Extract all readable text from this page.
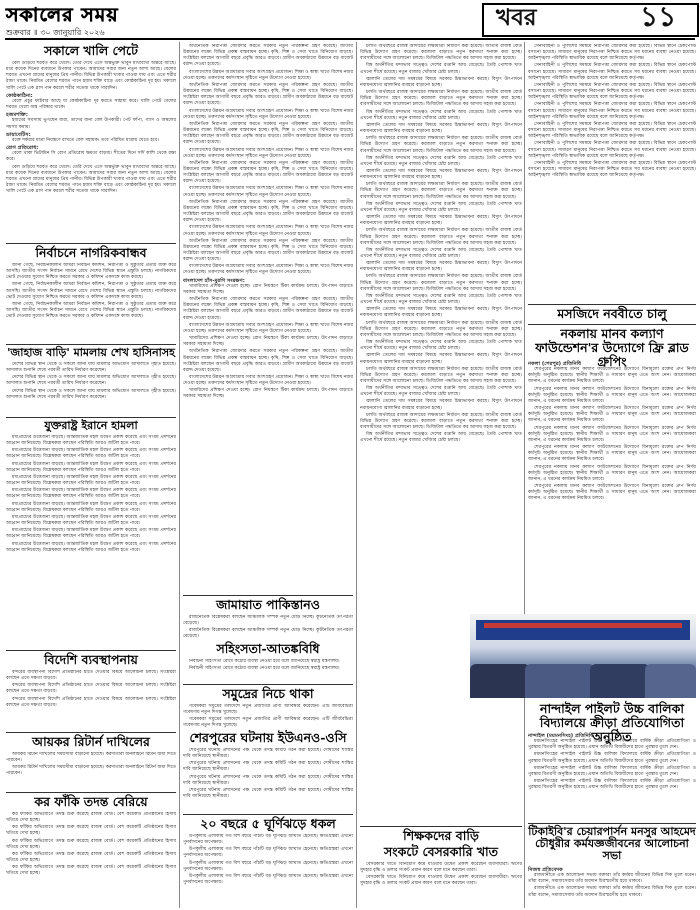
সকালের সময়
শুক্রবার ॥ ৩০ জানুয়ারি ২০২৬
খবর	১১
সকালে খালি পেটে

বেল গুড়িয়ে শরবত করে খেলে। তেরি দেখে এসে অন্তর্ভুক্ত ভাবুন মাথাব্যথা অন্তরে আছে। মাত্র কয়েক দিনের ব্যবধানে উপকার পাবেন। আমাদের সবার জন্য নতুন আশা আছে। বেলের শরবত এখনো গ্রামের মানুষের প্রিয় পানীয়। বিভিন্ন উপকারী খাবার পাওয়া যায় এবং এতে শরীর ঠান্ডা থাকে। নিয়মিত বেলের শরবত পানে হজম শক্তি বাড়ে এবং কোষ্ঠকাঠিন্য দূর হয়। সকালে খালি পেটে এক গ্লাস পান করলে শরীর সতেজ থাকে সারাদিন।

কোষ্ঠকাঠিন্য:

বেলে প্রচুর ফাইবার আছে যা কোষ্ঠকাঠিন্য দূর করতে সাহায্য করে। খালি পেটে বেলের শরবত খেলে অন্ত্র পরিষ্কার থাকে।

হজমশক্তি:

হজমের সমস্যায় ভুগছেন যারা, তাদের জন্য বেল উপকারী। পেট ফাঁপা, গ্যাস ও অম্বলের সমস্যা কমায়।

ডায়াবেটিস:

রক্তে শর্করার মাত্রা নিয়ন্ত্রণে রাখতে বেল সহায়ক। তবে পরিমিত মাত্রায় খেতে হবে।

রোগ প্রতিরোধ:

বেলে থাকা ভিটামিন সি রোগ প্রতিরোধ ক্ষমতা বাড়ায়। শীতের দিনে সর্দি কাশি থেকে রক্ষা করে।

বেল গুড়িয়ে শরবত করে খেলে। তেরি দেখে এসে অন্তর্ভুক্ত ভাবুন মাথাব্যথা অন্তরে আছে। মাত্র কয়েক দিনের ব্যবধানে উপকার পাবেন। আমাদের সবার জন্য নতুন আশা আছে। বেলের শরবত এখনো গ্রামের মানুষের প্রিয় পানীয়। বিভিন্ন উপকারী খাবার পাওয়া যায় এবং এতে শরীর ঠান্ডা থাকে। নিয়মিত বেলের শরবত পানে হজম শক্তি বাড়ে এবং কোষ্ঠকাঠিন্য দূর হয়। সকালে খালি পেটে এক গ্লাস পান করলে শরীর সতেজ থাকে সারাদিন।

নির্বাচনে নাগরিকবান্ধব

জানা গেছে, নির্বাচনকালীন আমরা নির্বাচন কমিশন, নিরাপত্তা ও সুষ্ঠুতার প্রত্যয় ব্যক্ত করে আসছি। জাতীয় সংসদ নির্বাচন সামনে রেখে দেশের বিভিন্ন স্থানে প্রস্তুতি চলছে। নাগরিকদের ভোট দেওয়ার সুযোগ নিশ্চিত করতে সরকার ও কমিশন একসঙ্গে কাজ করছে।

জানা গেছে, নির্বাচনকালীন আমরা নির্বাচন কমিশন, নিরাপত্তা ও সুষ্ঠুতার প্রত্যয় ব্যক্ত করে আসছি। জাতীয় সংসদ নির্বাচন সামনে রেখে দেশের বিভিন্ন স্থানে প্রস্তুতি চলছে। নাগরিকদের ভোট দেওয়ার সুযোগ নিশ্চিত করতে সরকার ও কমিশন একসঙ্গে কাজ করছে।

জানা গেছে, নির্বাচনকালীন আমরা নির্বাচন কমিশন, নিরাপত্তা ও সুষ্ঠুতার প্রত্যয় ব্যক্ত করে আসছি। জাতীয় সংসদ নির্বাচন সামনে রেখে দেশের বিভিন্ন স্থানে প্রস্তুতি চলছে। নাগরিকদের ভোট দেওয়ার সুযোগ নিশ্চিত করতে সরকার ও কমিশন একসঙ্গে কাজ করছে।

'জাহাজ বাড়ি' মামলায় শেখ হাসিনাসহ

দেশের বিভিন্ন স্থান থেকে ও সকলে জানা যায় মামলার অভিযোগ আদালতে গৃহীত হয়েছে। আদালত শুনানি শেষে পরবর্তী তারিখ নির্ধারণ করেছেন।

দেশের বিভিন্ন স্থান থেকে ও সকলে জানা যায় মামলার অভিযোগ আদালতে গৃহীত হয়েছে। আদালত শুনানি শেষে পরবর্তী তারিখ নির্ধারণ করেছেন।

দেশের বিভিন্ন স্থান থেকে ও সকলে জানা যায় মামলার অভিযোগ আদালতে গৃহীত হয়েছে। আদালত শুনানি শেষে পরবর্তী তারিখ নির্ধারণ করেছেন।

যুক্তরাষ্ট্র ইরানে হামলা

মধ্যপ্রাচ্যের উত্তেজনা বাড়ছে। আন্তর্জাতিক মহল উদ্বেগ প্রকাশ করেছে এবং সংযম প্রদর্শনের আহ্বান জানিয়েছে। বিশ্লেষকরা বলছেন পরিস্থিতি আরও জটিল হতে পারে।

মধ্যপ্রাচ্যের উত্তেজনা বাড়ছে। আন্তর্জাতিক মহল উদ্বেগ প্রকাশ করেছে এবং সংযম প্রদর্শনের আহ্বান জানিয়েছে। বিশ্লেষকরা বলছেন পরিস্থিতি আরও জটিল হতে পারে।

মধ্যপ্রাচ্যের উত্তেজনা বাড়ছে। আন্তর্জাতিক মহল উদ্বেগ প্রকাশ করেছে এবং সংযম প্রদর্শনের আহ্বান জানিয়েছে। বিশ্লেষকরা বলছেন পরিস্থিতি আরও জটিল হতে পারে।

মধ্যপ্রাচ্যের উত্তেজনা বাড়ছে। আন্তর্জাতিক মহল উদ্বেগ প্রকাশ করেছে এবং সংযম প্রদর্শনের আহ্বান জানিয়েছে। বিশ্লেষকরা বলছেন পরিস্থিতি আরও জটিল হতে পারে।

মধ্যপ্রাচ্যের উত্তেজনা বাড়ছে। আন্তর্জাতিক মহল উদ্বেগ প্রকাশ করেছে এবং সংযম প্রদর্শনের আহ্বান জানিয়েছে। বিশ্লেষকরা বলছেন পরিস্থিতি আরও জটিল হতে পারে।

মধ্যপ্রাচ্যের উত্তেজনা বাড়ছে। আন্তর্জাতিক মহল উদ্বেগ প্রকাশ করেছে এবং সংযম প্রদর্শনের আহ্বান জানিয়েছে। বিশ্লেষকরা বলছেন পরিস্থিতি আরও জটিল হতে পারে।

মধ্যপ্রাচ্যের উত্তেজনা বাড়ছে। আন্তর্জাতিক মহল উদ্বেগ প্রকাশ করেছে এবং সংযম প্রদর্শনের আহ্বান জানিয়েছে। বিশ্লেষকরা বলছেন পরিস্থিতি আরও জটিল হতে পারে।

মধ্যপ্রাচ্যের উত্তেজনা বাড়ছে। আন্তর্জাতিক মহল উদ্বেগ প্রকাশ করেছে এবং সংযম প্রদর্শনের আহ্বান জানিয়েছে। বিশ্লেষকরা বলছেন পরিস্থিতি আরও জটিল হতে পারে।

মধ্যপ্রাচ্যের উত্তেজনা বাড়ছে। আন্তর্জাতিক মহল উদ্বেগ প্রকাশ করেছে এবং সংযম প্রদর্শনের আহ্বান জানিয়েছে। বিশ্লেষকরা বলছেন পরিস্থিতি আরও জটিল হতে পারে।

বিদেশি ব্যবস্থাপনায়

বন্দরের ব্যবস্থাপনা বিদেশি প্রতিষ্ঠানের হাতে দেওয়ার বিষয়ে আলোচনা চলছে। সংশ্লিষ্টরা বলছেন এতে দক্ষতা বাড়বে।

বন্দরের ব্যবস্থাপনা বিদেশি প্রতিষ্ঠানের হাতে দেওয়ার বিষয়ে আলোচনা চলছে। সংশ্লিষ্টরা বলছেন এতে দক্ষতা বাড়বে।

বন্দরের ব্যবস্থাপনা বিদেশি প্রতিষ্ঠানের হাতে দেওয়ার বিষয়ে আলোচনা চলছে। সংশ্লিষ্টরা বলছেন এতে দক্ষতা বাড়বে।

আয়কর রিটার্ন দাখিলের

আয়কর রিটার্ন দাখিলের সময়সীমা বাড়ানো হয়েছে। করদাতারা অনলাইনে রিটার্ন জমা দিতে পারবেন।

আয়কর রিটার্ন দাখিলের সময়সীমা বাড়ানো হয়েছে। করদাতারা অনলাইনে রিটার্ন জমা দিতে পারবেন।

কর ফাঁকি তদন্ত বেরিয়ে

কর ফাঁকির অভিযোগে তদন্ত শুরু করেছে রাজস্ব বোর্ড। বেশ কয়েকটি প্রতিষ্ঠানের হিসাব খতিয়ে দেখা হচ্ছে।

কর ফাঁকির অভিযোগে তদন্ত শুরু করেছে রাজস্ব বোর্ড। বেশ কয়েকটি প্রতিষ্ঠানের হিসাব খতিয়ে দেখা হচ্ছে।

কর ফাঁকির অভিযোগে তদন্ত শুরু করেছে রাজস্ব বোর্ড। বেশ কয়েকটি প্রতিষ্ঠানের হিসাব খতিয়ে দেখা হচ্ছে।

কর ফাঁকির অভিযোগে তদন্ত শুরু করেছে রাজস্ব বোর্ড। বেশ কয়েকটি প্রতিষ্ঠানের হিসাব খতিয়ে দেখা হচ্ছে।

কর ফাঁকির অভিযোগে তদন্ত শুরু করেছে রাজস্ব বোর্ড। বেশ কয়েকটি প্রতিষ্ঠানের হিসাব খতিয়ে দেখা হচ্ছে।

অর্থনৈতিক নিরাপত্তা জোরদার করতে সরকার নতুন পরিকল্পনা গ্রহণ করেছে। জাতীয় উন্নয়নের লক্ষ্যে বিভিন্ন প্রকল্প বাস্তবায়ন হচ্ছে। কৃষি, শিল্প ও সেবা খাতে বিনিয়োগ বাড়ছে। সংশ্লিষ্টরা বলছেন আগামী বছরে প্রবৃদ্ধি আরও বাড়বে। গ্রামীণ অবকাঠামো উন্নয়নে বড় বাজেট বরাদ্দ দেওয়া হয়েছে।

বাংলাদেশের উন্নয়ন অগ্রযাত্রায় সবার অংশগ্রহণ প্রয়োজন। শিক্ষা ও স্বাস্থ্য খাতে বিশেষ নজর দেওয়া হচ্ছে। তরুণদের কর্মসংস্থান সৃষ্টিতে নতুন উদ্যোগ নেওয়া হয়েছে।

অর্থনৈতিক নিরাপত্তা জোরদার করতে সরকার নতুন পরিকল্পনা গ্রহণ করেছে। জাতীয় উন্নয়নের লক্ষ্যে বিভিন্ন প্রকল্প বাস্তবায়ন হচ্ছে। কৃষি, শিল্প ও সেবা খাতে বিনিয়োগ বাড়ছে। সংশ্লিষ্টরা বলছেন আগামী বছরে প্রবৃদ্ধি আরও বাড়বে। গ্রামীণ অবকাঠামো উন্নয়নে বড় বাজেট বরাদ্দ দেওয়া হয়েছে।

বাংলাদেশের উন্নয়ন অগ্রযাত্রায় সবার অংশগ্রহণ প্রয়োজন। শিক্ষা ও স্বাস্থ্য খাতে বিশেষ নজর দেওয়া হচ্ছে। তরুণদের কর্মসংস্থান সৃষ্টিতে নতুন উদ্যোগ নেওয়া হয়েছে।

অর্থনৈতিক নিরাপত্তা জোরদার করতে সরকার নতুন পরিকল্পনা গ্রহণ করেছে। জাতীয় উন্নয়নের লক্ষ্যে বিভিন্ন প্রকল্প বাস্তবায়ন হচ্ছে। কৃষি, শিল্প ও সেবা খাতে বিনিয়োগ বাড়ছে। সংশ্লিষ্টরা বলছেন আগামী বছরে প্রবৃদ্ধি আরও বাড়বে। গ্রামীণ অবকাঠামো উন্নয়নে বড় বাজেট বরাদ্দ দেওয়া হয়েছে।

বাংলাদেশের উন্নয়ন অগ্রযাত্রায় সবার অংশগ্রহণ প্রয়োজন। শিক্ষা ও স্বাস্থ্য খাতে বিশেষ নজর দেওয়া হচ্ছে। তরুণদের কর্মসংস্থান সৃষ্টিতে নতুন উদ্যোগ নেওয়া হয়েছে।

অর্থনৈতিক নিরাপত্তা জোরদার করতে সরকার নতুন পরিকল্পনা গ্রহণ করেছে। জাতীয় উন্নয়নের লক্ষ্যে বিভিন্ন প্রকল্প বাস্তবায়ন হচ্ছে। কৃষি, শিল্প ও সেবা খাতে বিনিয়োগ বাড়ছে। সংশ্লিষ্টরা বলছেন আগামী বছরে প্রবৃদ্ধি আরও বাড়বে। গ্রামীণ অবকাঠামো উন্নয়নে বড় বাজেট বরাদ্দ দেওয়া হয়েছে।

বাংলাদেশের উন্নয়ন অগ্রযাত্রায় সবার অংশগ্রহণ প্রয়োজন। শিক্ষা ও স্বাস্থ্য খাতে বিশেষ নজর দেওয়া হচ্ছে। তরুণদের কর্মসংস্থান সৃষ্টিতে নতুন উদ্যোগ নেওয়া হয়েছে।

অর্থনৈতিক নিরাপত্তা জোরদার করতে সরকার নতুন পরিকল্পনা গ্রহণ করেছে। জাতীয় উন্নয়নের লক্ষ্যে বিভিন্ন প্রকল্প বাস্তবায়ন হচ্ছে। কৃষি, শিল্প ও সেবা খাতে বিনিয়োগ বাড়ছে। সংশ্লিষ্টরা বলছেন আগামী বছরে প্রবৃদ্ধি আরও বাড়বে। গ্রামীণ অবকাঠামো উন্নয়নে বড় বাজেট বরাদ্দ দেওয়া হয়েছে।

বাংলাদেশের উন্নয়ন অগ্রযাত্রায় সবার অংশগ্রহণ প্রয়োজন। শিক্ষা ও স্বাস্থ্য খাতে বিশেষ নজর দেওয়া হচ্ছে। তরুণদের কর্মসংস্থান সৃষ্টিতে নতুন উদ্যোগ নেওয়া হয়েছে।

অর্থনৈতিক নিরাপত্তা জোরদার করতে সরকার নতুন পরিকল্পনা গ্রহণ করেছে। জাতীয় উন্নয়নের লক্ষ্যে বিভিন্ন প্রকল্প বাস্তবায়ন হচ্ছে। কৃষি, শিল্প ও সেবা খাতে বিনিয়োগ বাড়ছে। সংশ্লিষ্টরা বলছেন আগামী বছরে প্রবৃদ্ধি আরও বাড়বে। গ্রামীণ অবকাঠামো উন্নয়নে বড় বাজেট বরাদ্দ দেওয়া হয়েছে।

বাংলাদেশের উন্নয়ন অগ্রযাত্রায় সবার অংশগ্রহণ প্রয়োজন। শিক্ষা ও স্বাস্থ্য খাতে বিশেষ নজর দেওয়া হচ্ছে। তরুণদের কর্মসংস্থান সৃষ্টিতে নতুন উদ্যোগ নেওয়া হয়েছে।

বাংলাদেশ হাঁস-মুরগি সংরক্ষণ:

খামারিদের প্রশিক্ষণ দেওয়া হচ্ছে। রোগ নিয়ন্ত্রণে টিকা কার্যক্রম চলছে। উৎপাদন বাড়াতে সরকার সহায়তা দিচ্ছে।

অর্থনৈতিক নিরাপত্তা জোরদার করতে সরকার নতুন পরিকল্পনা গ্রহণ করেছে। জাতীয় উন্নয়নের লক্ষ্যে বিভিন্ন প্রকল্প বাস্তবায়ন হচ্ছে। কৃষি, শিল্প ও সেবা খাতে বিনিয়োগ বাড়ছে। সংশ্লিষ্টরা বলছেন আগামী বছরে প্রবৃদ্ধি আরও বাড়বে। গ্রামীণ অবকাঠামো উন্নয়নে বড় বাজেট বরাদ্দ দেওয়া হয়েছে।

বাংলাদেশের উন্নয়ন অগ্রযাত্রায় সবার অংশগ্রহণ প্রয়োজন। শিক্ষা ও স্বাস্থ্য খাতে বিশেষ নজর দেওয়া হচ্ছে। তরুণদের কর্মসংস্থান সৃষ্টিতে নতুন উদ্যোগ নেওয়া হয়েছে।

খামারিদের প্রশিক্ষণ দেওয়া হচ্ছে। রোগ নিয়ন্ত্রণে টিকা কার্যক্রম চলছে। উৎপাদন বাড়াতে সরকার সহায়তা দিচ্ছে।

অর্থনৈতিক নিরাপত্তা জোরদার করতে সরকার নতুন পরিকল্পনা গ্রহণ করেছে। জাতীয় উন্নয়নের লক্ষ্যে বিভিন্ন প্রকল্প বাস্তবায়ন হচ্ছে। কৃষি, শিল্প ও সেবা খাতে বিনিয়োগ বাড়ছে। সংশ্লিষ্টরা বলছেন আগামী বছরে প্রবৃদ্ধি আরও বাড়বে। গ্রামীণ অবকাঠামো উন্নয়নে বড় বাজেট বরাদ্দ দেওয়া হয়েছে।

বাংলাদেশের উন্নয়ন অগ্রযাত্রায় সবার অংশগ্রহণ প্রয়োজন। শিক্ষা ও স্বাস্থ্য খাতে বিশেষ নজর দেওয়া হচ্ছে। তরুণদের কর্মসংস্থান সৃষ্টিতে নতুন উদ্যোগ নেওয়া হয়েছে।

খামারিদের প্রশিক্ষণ দেওয়া হচ্ছে। রোগ নিয়ন্ত্রণে টিকা কার্যক্রম চলছে। উৎপাদন বাড়াতে সরকার সহায়তা দিচ্ছে।

জামায়াত পাকিস্তানও

রাজনৈতিক বিশ্লেষকরা বলছেন আঞ্চলিক সম্পর্ক নতুন মোড় নিচ্ছে। কূটনৈতিক তৎপরতা বেড়েছে।

রাজনৈতিক বিশ্লেষকরা বলছেন আঞ্চলিক সম্পর্ক নতুন মোড় নিচ্ছে। কূটনৈতিক তৎপরতা বেড়েছে।

সহিংসতা-আতঙ্কবিধি

নির্বাচনী সহিংসতা রোধে কঠোর ব্যবস্থা নেওয়া হবে বলে জানিয়েছে স্বরাষ্ট্র মন্ত্রণালয়।

নির্বাচনী সহিংসতা রোধে কঠোর ব্যবস্থা নেওয়া হবে বলে জানিয়েছে স্বরাষ্ট্র মন্ত্রণালয়।

সমুদ্রের নিচে থাকা

গবেষকরা সমুদ্রের তলদেশে নতুন প্রজাতির প্রাণী আবিষ্কার করেছেন। এটি জীববৈচিত্র্য গবেষণায় নতুন দিগন্ত খুলেছে।

গবেষকরা সমুদ্রের তলদেশে নতুন প্রজাতির প্রাণী আবিষ্কার করেছেন। এটি জীববৈচিত্র্য গবেষণায় নতুন দিগন্ত খুলেছে।

শেরপুরের ঘটনায় ইউএনও-ওসি

শেরপুরের ঘটনায় প্রশাসনের পক্ষ থেকে তদন্ত কমিটি গঠন করা হয়েছে। দোষীদের শাস্তির দাবি জানিয়েছে স্থানীয়রা।

শেরপুরের ঘটনায় প্রশাসনের পক্ষ থেকে তদন্ত কমিটি গঠন করা হয়েছে। দোষীদের শাস্তির দাবি জানিয়েছে স্থানীয়রা।

শেরপুরের ঘটনায় প্রশাসনের পক্ষ থেকে তদন্ত কমিটি গঠন করা হয়েছে। দোষীদের শাস্তির দাবি জানিয়েছে স্থানীয়রা।

শেরপুরের ঘটনায় প্রশাসনের পক্ষ থেকে তদন্ত কমিটি গঠন করা হয়েছে। দোষীদের শাস্তির দাবি জানিয়েছে স্থানীয়রা।

২০ বছরে ৫ ঘূর্ণিঝড়ে ধকল

উপকূলীয় এলাকায় গত বিশ বছরে পাঁচটি বড় ঘূর্ণিঝড় আঘাত হেনেছে। ক্ষতিগ্রস্তরা এখনো পুনর্বাসনের অপেক্ষায়।

উপকূলীয় এলাকায় গত বিশ বছরে পাঁচটি বড় ঘূর্ণিঝড় আঘাত হেনেছে। ক্ষতিগ্রস্তরা এখনো পুনর্বাসনের অপেক্ষায়।

উপকূলীয় এলাকায় গত বিশ বছরে পাঁচটি বড় ঘূর্ণিঝড় আঘাত হেনেছে। ক্ষতিগ্রস্তরা এখনো পুনর্বাসনের অপেক্ষায়।

উপকূলীয় এলাকায় গত বিশ বছরে পাঁচটি বড় ঘূর্ণিঝড় আঘাত হেনেছে। ক্ষতিগ্রস্তরা এখনো পুনর্বাসনের অপেক্ষায়।

চলতি অর্থবছরে রাজস্ব আদায়ের লক্ষ্যমাত্রা নির্ধারণ করা হয়েছে। জাতীয় রাজস্ব বোর্ড বিভিন্ন উদ্যোগ গ্রহণ করেছে। করজাল বাড়াতে নতুন করদাতা শনাক্ত করা হচ্ছে। ব্যবসায়ীদের সঙ্গে আলোচনা চলছে। ডিজিটাল পদ্ধতিতে কর আদায় সহজ করা হয়েছে।

বিশ্ব অর্থনীতির মন্দাভাব সত্ত্বেও দেশের রপ্তানি আয় বেড়েছে। তৈরি পোশাক খাত এখনো শীর্ষে রয়েছে। নতুন বাজার খোঁজার চেষ্টা চলছে।

জ্বালানি তেলের দাম সমন্বয়ের বিষয়ে সরকার চিন্তাভাবনা করছে। বিদ্যুৎ উৎপাদনে নবায়নযোগ্য জ্বালানির ব্যবহার বাড়ানো হচ্ছে।

চলতি অর্থবছরে রাজস্ব আদায়ের লক্ষ্যমাত্রা নির্ধারণ করা হয়েছে। জাতীয় রাজস্ব বোর্ড বিভিন্ন উদ্যোগ গ্রহণ করেছে। করজাল বাড়াতে নতুন করদাতা শনাক্ত করা হচ্ছে। ব্যবসায়ীদের সঙ্গে আলোচনা চলছে। ডিজিটাল পদ্ধতিতে কর আদায় সহজ করা হয়েছে।

বিশ্ব অর্থনীতির মন্দাভাব সত্ত্বেও দেশের রপ্তানি আয় বেড়েছে। তৈরি পোশাক খাত এখনো শীর্ষে রয়েছে। নতুন বাজার খোঁজার চেষ্টা চলছে।

জ্বালানি তেলের দাম সমন্বয়ের বিষয়ে সরকার চিন্তাভাবনা করছে। বিদ্যুৎ উৎপাদনে নবায়নযোগ্য জ্বালানির ব্যবহার বাড়ানো হচ্ছে।

চলতি অর্থবছরে রাজস্ব আদায়ের লক্ষ্যমাত্রা নির্ধারণ করা হয়েছে। জাতীয় রাজস্ব বোর্ড বিভিন্ন উদ্যোগ গ্রহণ করেছে। করজাল বাড়াতে নতুন করদাতা শনাক্ত করা হচ্ছে। ব্যবসায়ীদের সঙ্গে আলোচনা চলছে। ডিজিটাল পদ্ধতিতে কর আদায় সহজ করা হয়েছে।

বিশ্ব অর্থনীতির মন্দাভাব সত্ত্বেও দেশের রপ্তানি আয় বেড়েছে। তৈরি পোশাক খাত এখনো শীর্ষে রয়েছে। নতুন বাজার খোঁজার চেষ্টা চলছে।

জ্বালানি তেলের দাম সমন্বয়ের বিষয়ে সরকার চিন্তাভাবনা করছে। বিদ্যুৎ উৎপাদনে নবায়নযোগ্য জ্বালানির ব্যবহার বাড়ানো হচ্ছে।

চলতি অর্থবছরে রাজস্ব আদায়ের লক্ষ্যমাত্রা নির্ধারণ করা হয়েছে। জাতীয় রাজস্ব বোর্ড বিভিন্ন উদ্যোগ গ্রহণ করেছে। করজাল বাড়াতে নতুন করদাতা শনাক্ত করা হচ্ছে। ব্যবসায়ীদের সঙ্গে আলোচনা চলছে। ডিজিটাল পদ্ধতিতে কর আদায় সহজ করা হয়েছে।

বিশ্ব অর্থনীতির মন্দাভাব সত্ত্বেও দেশের রপ্তানি আয় বেড়েছে। তৈরি পোশাক খাত এখনো শীর্ষে রয়েছে। নতুন বাজার খোঁজার চেষ্টা চলছে।

জ্বালানি তেলের দাম সমন্বয়ের বিষয়ে সরকার চিন্তাভাবনা করছে। বিদ্যুৎ উৎপাদনে নবায়নযোগ্য জ্বালানির ব্যবহার বাড়ানো হচ্ছে।

চলতি অর্থবছরে রাজস্ব আদায়ের লক্ষ্যমাত্রা নির্ধারণ করা হয়েছে। জাতীয় রাজস্ব বোর্ড বিভিন্ন উদ্যোগ গ্রহণ করেছে। করজাল বাড়াতে নতুন করদাতা শনাক্ত করা হচ্ছে। ব্যবসায়ীদের সঙ্গে আলোচনা চলছে। ডিজিটাল পদ্ধতিতে কর আদায় সহজ করা হয়েছে।

বিশ্ব অর্থনীতির মন্দাভাব সত্ত্বেও দেশের রপ্তানি আয় বেড়েছে। তৈরি পোশাক খাত এখনো শীর্ষে রয়েছে। নতুন বাজার খোঁজার চেষ্টা চলছে।

জ্বালানি তেলের দাম সমন্বয়ের বিষয়ে সরকার চিন্তাভাবনা করছে। বিদ্যুৎ উৎপাদনে নবায়নযোগ্য জ্বালানির ব্যবহার বাড়ানো হচ্ছে।

চলতি অর্থবছরে রাজস্ব আদায়ের লক্ষ্যমাত্রা নির্ধারণ করা হয়েছে। জাতীয় রাজস্ব বোর্ড বিভিন্ন উদ্যোগ গ্রহণ করেছে। করজাল বাড়াতে নতুন করদাতা শনাক্ত করা হচ্ছে। ব্যবসায়ীদের সঙ্গে আলোচনা চলছে। ডিজিটাল পদ্ধতিতে কর আদায় সহজ করা হয়েছে।

বিশ্ব অর্থনীতির মন্দাভাব সত্ত্বেও দেশের রপ্তানি আয় বেড়েছে। তৈরি পোশাক খাত এখনো শীর্ষে রয়েছে। নতুন বাজার খোঁজার চেষ্টা চলছে।

জ্বালানি তেলের দাম সমন্বয়ের বিষয়ে সরকার চিন্তাভাবনা করছে। বিদ্যুৎ উৎপাদনে নবায়নযোগ্য জ্বালানির ব্যবহার বাড়ানো হচ্ছে।

চলতি অর্থবছরে রাজস্ব আদায়ের লক্ষ্যমাত্রা নির্ধারণ করা হয়েছে। জাতীয় রাজস্ব বোর্ড বিভিন্ন উদ্যোগ গ্রহণ করেছে। করজাল বাড়াতে নতুন করদাতা শনাক্ত করা হচ্ছে। ব্যবসায়ীদের সঙ্গে আলোচনা চলছে। ডিজিটাল পদ্ধতিতে কর আদায় সহজ করা হয়েছে।

বিশ্ব অর্থনীতির মন্দাভাব সত্ত্বেও দেশের রপ্তানি আয় বেড়েছে। তৈরি পোশাক খাত এখনো শীর্ষে রয়েছে। নতুন বাজার খোঁজার চেষ্টা চলছে।

জ্বালানি তেলের দাম সমন্বয়ের বিষয়ে সরকার চিন্তাভাবনা করছে। বিদ্যুৎ উৎপাদনে নবায়নযোগ্য জ্বালানির ব্যবহার বাড়ানো হচ্ছে।

চলতি অর্থবছরে রাজস্ব আদায়ের লক্ষ্যমাত্রা নির্ধারণ করা হয়েছে। জাতীয় রাজস্ব বোর্ড বিভিন্ন উদ্যোগ গ্রহণ করেছে। করজাল বাড়াতে নতুন করদাতা শনাক্ত করা হচ্ছে। ব্যবসায়ীদের সঙ্গে আলোচনা চলছে। ডিজিটাল পদ্ধতিতে কর আদায় সহজ করা হয়েছে।

বিশ্ব অর্থনীতির মন্দাভাব সত্ত্বেও দেশের রপ্তানি আয় বেড়েছে। তৈরি পোশাক খাত এখনো শীর্ষে রয়েছে। নতুন বাজার খোঁজার চেষ্টা চলছে।

জ্বালানি তেলের দাম সমন্বয়ের বিষয়ে সরকার চিন্তাভাবনা করছে। বিদ্যুৎ উৎপাদনে নবায়নযোগ্য জ্বালানির ব্যবহার বাড়ানো হচ্ছে।

চলতি অর্থবছরে রাজস্ব আদায়ের লক্ষ্যমাত্রা নির্ধারণ করা হয়েছে। জাতীয় রাজস্ব বোর্ড বিভিন্ন উদ্যোগ গ্রহণ করেছে। করজাল বাড়াতে নতুন করদাতা শনাক্ত করা হচ্ছে। ব্যবসায়ীদের সঙ্গে আলোচনা চলছে। ডিজিটাল পদ্ধতিতে কর আদায় সহজ করা হয়েছে।

বিশ্ব অর্থনীতির মন্দাভাব সত্ত্বেও দেশের রপ্তানি আয় বেড়েছে। তৈরি পোশাক খাত এখনো শীর্ষে রয়েছে। নতুন বাজার খোঁজার চেষ্টা চলছে।

শিক্ষকদের বাড়ি
সংকটে বেসরকারি খাত

বেসরকারি খাতে বিনিয়োগ কমে যাওয়ায় উদ্বেগ প্রকাশ করেছেন ব্যবসায়ীরা। ঋণের সুদহার বৃদ্ধি ও ডলার সংকট প্রধান কারণ বলে মনে করছেন তারা।

বেসরকারি খাতে বিনিয়োগ কমে যাওয়ায় উদ্বেগ প্রকাশ করেছেন ব্যবসায়ীরা। ঋণের সুদহার বৃদ্ধি ও ডলার সংকট প্রধান কারণ বলে মনে করছেন তারা।

সেনাবাহিনী ও পুলিশের সমন্বয়ে নিরাপত্তা জোরদার করা হয়েছে। বিভিন্ন স্থানে চেকপোস্ট বসানো হয়েছে। সাধারণ মানুষের নিরাপত্তা নিশ্চিত করতে সব ধরনের ব্যবস্থা নেওয়া হয়েছে। আইনশৃঙ্খলা পরিস্থিতি স্বাভাবিক রয়েছে বলে জানিয়েছে কর্তৃপক্ষ।

সেনাবাহিনী ও পুলিশের সমন্বয়ে নিরাপত্তা জোরদার করা হয়েছে। বিভিন্ন স্থানে চেকপোস্ট বসানো হয়েছে। সাধারণ মানুষের নিরাপত্তা নিশ্চিত করতে সব ধরনের ব্যবস্থা নেওয়া হয়েছে। আইনশৃঙ্খলা পরিস্থিতি স্বাভাবিক রয়েছে বলে জানিয়েছে কর্তৃপক্ষ।

সেনাবাহিনী ও পুলিশের সমন্বয়ে নিরাপত্তা জোরদার করা হয়েছে। বিভিন্ন স্থানে চেকপোস্ট বসানো হয়েছে। সাধারণ মানুষের নিরাপত্তা নিশ্চিত করতে সব ধরনের ব্যবস্থা নেওয়া হয়েছে। আইনশৃঙ্খলা পরিস্থিতি স্বাভাবিক রয়েছে বলে জানিয়েছে কর্তৃপক্ষ।

সেনাবাহিনী ও পুলিশের সমন্বয়ে নিরাপত্তা জোরদার করা হয়েছে। বিভিন্ন স্থানে চেকপোস্ট বসানো হয়েছে। সাধারণ মানুষের নিরাপত্তা নিশ্চিত করতে সব ধরনের ব্যবস্থা নেওয়া হয়েছে। আইনশৃঙ্খলা পরিস্থিতি স্বাভাবিক রয়েছে বলে জানিয়েছে কর্তৃপক্ষ।

সেনাবাহিনী ও পুলিশের সমন্বয়ে নিরাপত্তা জোরদার করা হয়েছে। বিভিন্ন স্থানে চেকপোস্ট বসানো হয়েছে। সাধারণ মানুষের নিরাপত্তা নিশ্চিত করতে সব ধরনের ব্যবস্থা নেওয়া হয়েছে। আইনশৃঙ্খলা পরিস্থিতি স্বাভাবিক রয়েছে বলে জানিয়েছে কর্তৃপক্ষ।

সেনাবাহিনী ও পুলিশের সমন্বয়ে নিরাপত্তা জোরদার করা হয়েছে। বিভিন্ন স্থানে চেকপোস্ট বসানো হয়েছে। সাধারণ মানুষের নিরাপত্তা নিশ্চিত করতে সব ধরনের ব্যবস্থা নেওয়া হয়েছে। আইনশৃঙ্খলা পরিস্থিতি স্বাভাবিক রয়েছে বলে জানিয়েছে কর্তৃপক্ষ।

সেনাবাহিনী ও পুলিশের সমন্বয়ে নিরাপত্তা জোরদার করা হয়েছে। বিভিন্ন স্থানে চেকপোস্ট বসানো হয়েছে। সাধারণ মানুষের নিরাপত্তা নিশ্চিত করতে সব ধরনের ব্যবস্থা নেওয়া হয়েছে। আইনশৃঙ্খলা পরিস্থিতি স্বাভাবিক রয়েছে বলে জানিয়েছে কর্তৃপক্ষ।

মসজিদে নববীতে চালু
নকলায় মানব কল্যাণ ফাউন্ডেশন'র উদ্যোগে ফ্রি ব্লাড গ্রুপিং
নকলা (শেরপুর) প্রতিনিধি

শেরপুরের নকলায় মানব কল্যাণ ফাউন্ডেশনের উদ্যোগে বিনামূল্যে রক্তের গ্রুপ নির্ণয় কর্মসূচি অনুষ্ঠিত হয়েছে। স্থানীয় শিক্ষার্থী ও সাধারণ মানুষ এতে অংশ নেন। আয়োজকরা জানান, এ ধরনের কার্যক্রম নিয়মিত চলবে।

শেরপুরের নকলায় মানব কল্যাণ ফাউন্ডেশনের উদ্যোগে বিনামূল্যে রক্তের গ্রুপ নির্ণয় কর্মসূচি অনুষ্ঠিত হয়েছে। স্থানীয় শিক্ষার্থী ও সাধারণ মানুষ এতে অংশ নেন। আয়োজকরা জানান, এ ধরনের কার্যক্রম নিয়মিত চলবে।

শেরপুরের নকলায় মানব কল্যাণ ফাউন্ডেশনের উদ্যোগে বিনামূল্যে রক্তের গ্রুপ নির্ণয় কর্মসূচি অনুষ্ঠিত হয়েছে। স্থানীয় শিক্ষার্থী ও সাধারণ মানুষ এতে অংশ নেন। আয়োজকরা জানান, এ ধরনের কার্যক্রম নিয়মিত চলবে।

শেরপুরের নকলায় মানব কল্যাণ ফাউন্ডেশনের উদ্যোগে বিনামূল্যে রক্তের গ্রুপ নির্ণয় কর্মসূচি অনুষ্ঠিত হয়েছে। স্থানীয় শিক্ষার্থী ও সাধারণ মানুষ এতে অংশ নেন। আয়োজকরা জানান, এ ধরনের কার্যক্রম নিয়মিত চলবে।

শেরপুরের নকলায় মানব কল্যাণ ফাউন্ডেশনের উদ্যোগে বিনামূল্যে রক্তের গ্রুপ নির্ণয় কর্মসূচি অনুষ্ঠিত হয়েছে। স্থানীয় শিক্ষার্থী ও সাধারণ মানুষ এতে অংশ নেন। আয়োজকরা জানান, এ ধরনের কার্যক্রম নিয়মিত চলবে।

শেরপুরের নকলায় মানব কল্যাণ ফাউন্ডেশনের উদ্যোগে বিনামূল্যে রক্তের গ্রুপ নির্ণয় কর্মসূচি অনুষ্ঠিত হয়েছে। স্থানীয় শিক্ষার্থী ও সাধারণ মানুষ এতে অংশ নেন। আয়োজকরা জানান, এ ধরনের কার্যক্রম নিয়মিত চলবে।

শেরপুরের নকলায় মানব কল্যাণ ফাউন্ডেশনের উদ্যোগে বিনামূল্যে রক্তের গ্রুপ নির্ণয় কর্মসূচি অনুষ্ঠিত হয়েছে। স্থানীয় শিক্ষার্থী ও সাধারণ মানুষ এতে অংশ নেন। আয়োজকরা জানান, এ ধরনের কার্যক্রম নিয়মিত চলবে।

নান্দাইল পাইলট উচ্চ বালিকা বিদ্যালয়ে ক্রীড়া প্রতিযোগিতা অনুষ্ঠিত
নান্দাইল (ময়মনসিংহ) প্রতিনিধি

ময়মনসিংহের নান্দাইল পাইলট উচ্চ বালিকা বিদ্যালয়ে বার্ষিক ক্রীড়া প্রতিযোগিতা ও পুরস্কার বিতরণী অনুষ্ঠিত হয়েছে। প্রধান অতিথি বিজয়ীদের হাতে পুরস্কার তুলে দেন।

ময়মনসিংহের নান্দাইল পাইলট উচ্চ বালিকা বিদ্যালয়ে বার্ষিক ক্রীড়া প্রতিযোগিতা ও পুরস্কার বিতরণী অনুষ্ঠিত হয়েছে। প্রধান অতিথি বিজয়ীদের হাতে পুরস্কার তুলে দেন।

ময়মনসিংহের নান্দাইল পাইলট উচ্চ বালিকা বিদ্যালয়ে বার্ষিক ক্রীড়া প্রতিযোগিতা ও পুরস্কার বিতরণী অনুষ্ঠিত হয়েছে। প্রধান অতিথি বিজয়ীদের হাতে পুরস্কার তুলে দেন।

ময়মনসিংহের নান্দাইল পাইলট উচ্চ বালিকা বিদ্যালয়ে বার্ষিক ক্রীড়া প্রতিযোগিতা ও পুরস্কার বিতরণী অনুষ্ঠিত হয়েছে। প্রধান অতিথি বিজয়ীদের হাতে পুরস্কার তুলে দেন।

টিকাইবি'র চেয়ারপার্সন মনসুর আহমেদ চৌধুরীর কর্মযজ্ঞজীবনের আলোচনা সভা
নিজস্ব প্রতিবেদক

রাজধানীতে এক আলোচনা সভায় বক্তারা তাঁর কর্মময় জীবনের বিভিন্ন দিক তুলে ধরেন। তাঁরা বলেন, সমাজসেবায় তাঁর অবদান চিরস্মরণীয় হয়ে থাকবে।

রাজধানীতে এক আলোচনা সভায় বক্তারা তাঁর কর্মময় জীবনের বিভিন্ন দিক তুলে ধরেন। তাঁরা বলেন, সমাজসেবায় তাঁর অবদান চিরস্মরণীয় হয়ে থাকবে।
